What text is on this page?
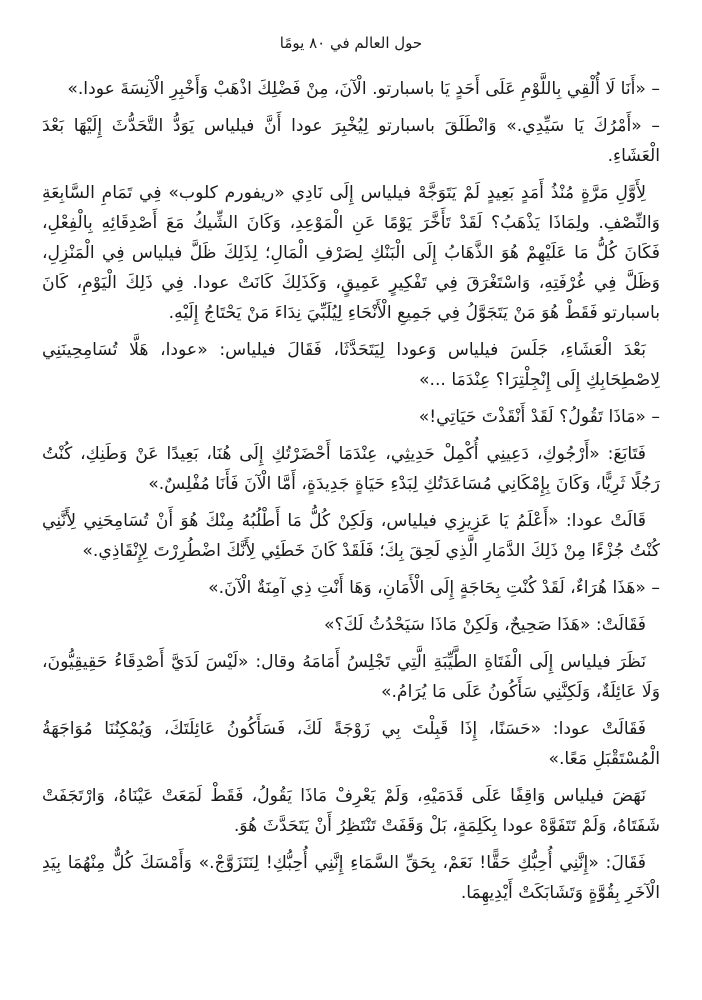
حول العالم في ٨٠ يومًا

– «أَنَا لَا أُلْقِي بِاللَّوْمِ عَلَى أَحَدٍ يَا باسبارتو. الْآنَ، مِنْ فَضْلِكَ اذْهَبْ وَأَخْبِرِ الْآنِسَةَ عودا.»

– «أَمْرُكَ يَا سَيِّدِي.» وَانْطَلَقَ باسبارتو لِيُخْبِرَ عودا أَنَّ فيلياس يَوَدُّ التَّحَدُّثَ إِلَيْهَا بَعْدَ الْعَشَاءِ.

لِأَوَّلِ مَرَّةٍ مُنْذُ أَمَدٍ بَعِيدٍ لَمْ يَتَوَجَّهْ فيلياس إِلَى نَادِي «ريفورم كلوب» فِي تَمَامِ السَّابِعَةِ وَالنِّصْفِ. ولِمَاذَا يَذْهَبُ؟ لَقَدْ تَأَخَّرَ يَوْمًا عَنِ الْمَوْعِدِ، وَكَانَ الشِّيكُ مَعَ أَصْدِقَائِهِ بِالْفِعْلِ، فَكَانَ كُلُّ مَا عَلَيْهِمْ هُوَ الذَّهَابُ إِلَى الْبَنْكِ لِصَرْفِ الْمَالِ؛ لِذَلِكَ ظَلَّ فيلياس فِي الْمَنْزِلِ، وَظَلَّ فِي غُرْفَتِهِ، وَاسْتَغْرَقَ فِي تَفْكِيرٍ عَمِيقٍ، وَكَذَلِكَ كَانَتْ عودا. فِي ذَلِكَ الْيَوْمِ، كَانَ باسبارتو فَقَطْ هُوَ مَنْ يَتَجَوَّلُ فِي جَمِيعِ الْأَنْحَاءِ لِيُلَبِّيَ نِدَاءَ مَنْ يَحْتَاجُ إِلَيْهِ.

بَعْدَ الْعَشَاءِ، جَلَسَ فيلياس وَعودا لِيَتَحَدَّثَا، فَقَالَ فيلياس: «عودا، هَلَّا تُسَامِحِينَنِي لِاصْطِحَابِكِ إِلَى إِنْجِلْتِرَا؟ عِنْدَمَا ...»

– «مَاذَا تَقُولُ؟ لَقَدْ أَنْقَذْتَ حَيَاتِي!»

فَتَابَعَ: «أَرْجُوكِ، دَعِينِي أُكْمِلْ حَدِيثِي، عِنْدَمَا أَحْضَرْتُكِ إِلَى هُنَا، بَعِيدًا عَنْ وَطَنِكِ، كُنْتُ رَجُلًا ثَرِيًّا، وَكَانَ بِإِمْكَانِي مُسَاعَدَتُكِ لِبَدْءِ حَيَاةٍ جَدِيدَةٍ، أَمَّا الْآنَ فَأَنَا مُفْلِسٌ.»

قَالَتْ عودا: «أَعْلَمُ يَا عَزِيزِي فيلياس، وَلَكِنْ كُلُّ مَا أَطْلُبُهُ مِنْكَ هُوَ أَنْ تُسَامِحَنِي لِأَنَّنِي كُنْتُ جُزْءًا مِنْ ذَلِكَ الدَّمَارِ الَّذِي لَحِقَ بِكَ؛ فَلَقَدْ كَانَ خَطَئِي لِأَنَّكَ اضْطُرِرْتَ لِإِنْقَاذِي.»

– «هَذَا هُرَاءٌ، لَقَدْ كُنْتِ بِحَاجَةٍ إِلَى الْأَمَانِ، وَهَا أَنْتِ ذِي آمِنَةٌ الْآنَ.»

فَقَالَتْ: «هَذَا صَحِيحٌ، وَلَكِنْ مَاذَا سَيَحْدُثُ لَكَ؟»

نَظَرَ فيلياس إِلَى الْفَتَاةِ الطَّيِّبَةِ الَّتِي تَجْلِسُ أَمَامَهُ وقال: «لَيْسَ لَدَيَّ أَصْدِقَاءُ حَقِيقِيُّونَ، وَلَا عَائِلَةٌ، وَلَكِنَّنِي سَأَكُونُ عَلَى مَا يُرَامُ.»

فَقَالَتْ عودا: «حَسَنًا، إِذَا قَبِلْتَ بِي زَوْجَةً لَكَ، فَسَأَكُونُ عَائِلَتَكَ، وَيُمْكِنُنَا مُوَاجَهَةُ الْمُسْتَقْبَلِ مَعًا.»

نَهَضَ فيلياس وَاقِفًا عَلَى قَدَمَيْهِ، وَلَمْ يَعْرِفْ مَاذَا يَقُولُ، فَقَطْ لَمَعَتْ عَيْنَاهُ، وَارْتَجَفَتْ شَفَتَاهُ، وَلَمْ تَتَفَوَّهْ عودا بِكَلِمَةٍ، بَلْ وَقَفَتْ تَنْتَظِرُ أَنْ يَتَحَدَّثَ هُوَ.

فَقَالَ: «إِنَّنِي أُحِبُّكِ حَقًّا! نَعَمْ، بِحَقِّ السَّمَاءِ إِنَّنِي أُحِبُّكِ! لِنَتَزَوَّجْ.» وَأَمْسَكَ كُلٌّ مِنْهُمَا بِيَدِ الْآخَرِ بِقُوَّةٍ وَتَشَابَكَتْ أَيْدِيهِمَا.
